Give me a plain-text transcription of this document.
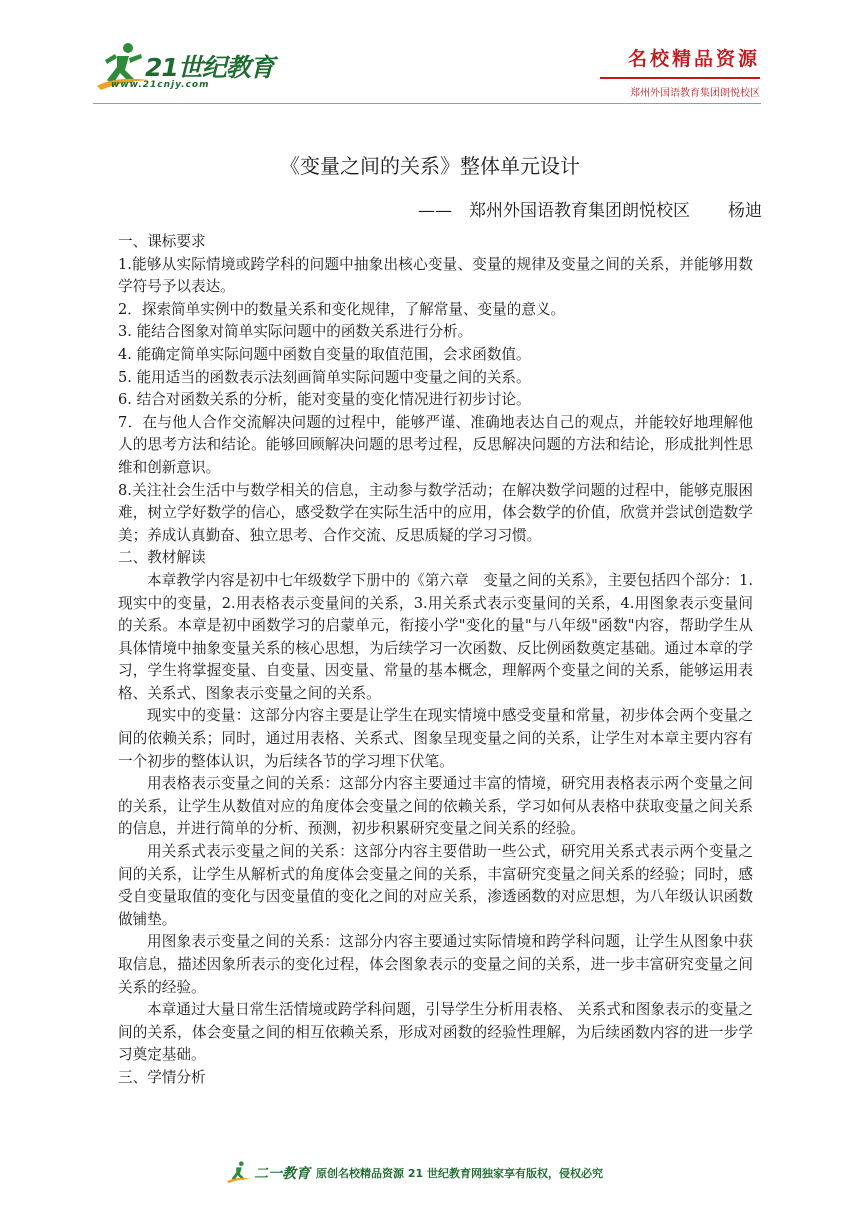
21世纪教育
www.21cnjy.com
名校精品资源
郑州外国语教育集团朗悦校区
《变量之间的关系》整体单元设计
——　郑州外国语教育集团朗悦校区 杨迪

一、课标要求

1.能够从实际情境或跨学科的问题中抽象出核心变量、变量的规律及变量之间的关系，并能够用数学符号予以表达。

2．探索简单实例中的数量关系和变化规律，了解常量、变量的意义。

3. 能结合图象对简单实际问题中的函数关系进行分析。

4. 能确定简单实际问题中函数自变量的取值范围，会求函数值。

5. 能用适当的函数表示法刻画简单实际问题中变量之间的关系。

6. 结合对函数关系的分析，能对变量的变化情况进行初步讨论。

7．在与他人合作交流解决问题的过程中，能够严谨、准确地表达自己的观点，并能较好地理解他人的思考方法和结论。能够回顾解决问题的思考过程，反思解决问题的方法和结论，形成批判性思维和创新意识。

8.关注社会生活中与数学相关的信息，主动参与数学活动；在解决数学问题的过程中，能够克服困难，树立学好数学的信心，感受数学在实际生活中的应用，体会数学的价值，欣赏并尝试创造数学美；养成认真勤奋、独立思考、合作交流、反思质疑的学习习惯。

二、教材解读

本章教学内容是初中七年级数学下册中的《第六章　变量之间的关系》，主要包括四个部分：1.现实中的变量，2.用表格表示变量间的关系，3.用关系式表示变量间的关系，4.用图象表示变量间的关系。本章是初中函数学习的启蒙单元，衔接小学"变化的量"与八年级"函数"内容，帮助学生从具体情境中抽象变量关系的核心思想，为后续学习一次函数、反比例函数奠定基础。通过本章的学习，学生将掌握变量、自变量、因变量、常量的基本概念，理解两个变量之间的关系，能够运用表格、关系式、图象表示变量之间的关系。

现实中的变量：这部分内容主要是让学生在现实情境中感受变量和常量，初步体会两个变量之间的依赖关系；同时，通过用表格、关系式、图象呈现变量之间的关系，让学生对本章主要内容有一个初步的整体认识，为后续各节的学习埋下伏笔。

用表格表示变量之间的关系：这部分内容主要通过丰富的情境，研究用表格表示两个变量之间的关系，让学生从数值对应的角度体会变量之间的依赖关系，学习如何从表格中获取变量之间关系的信息，并进行简单的分析、预测，初步积累研究变量之间关系的经验。

用关系式表示变量之间的关系：这部分内容主要借助一些公式，研究用关系式表示两个变量之间的关系，让学生从解析式的角度体会变量之间的关系，丰富研究变量之间关系的经验；同时，感受自变量取值的变化与因变量值的变化之间的对应关系，渗透函数的对应思想，为八年级认识函数做铺垫。

用图象表示变量之间的关系：这部分内容主要通过实际情境和跨学科问题，让学生从图象中获取信息，描述因象所表示的变化过程，体会图象表示的变量之间的关系，进一步丰富研究变量之间关系的经验。

本章通过大量日常生活情境或跨学科问题，引导学生分析用表格、 关系式和图象表示的变量之间的关系，体会变量之间的相互依赖关系，形成对函数的经验性理解，为后续函数内容的进一步学习奠定基础。

三、学情分析

二一教育 原创名校精品资源 21 世纪教育网独家享有版权，侵权必究
